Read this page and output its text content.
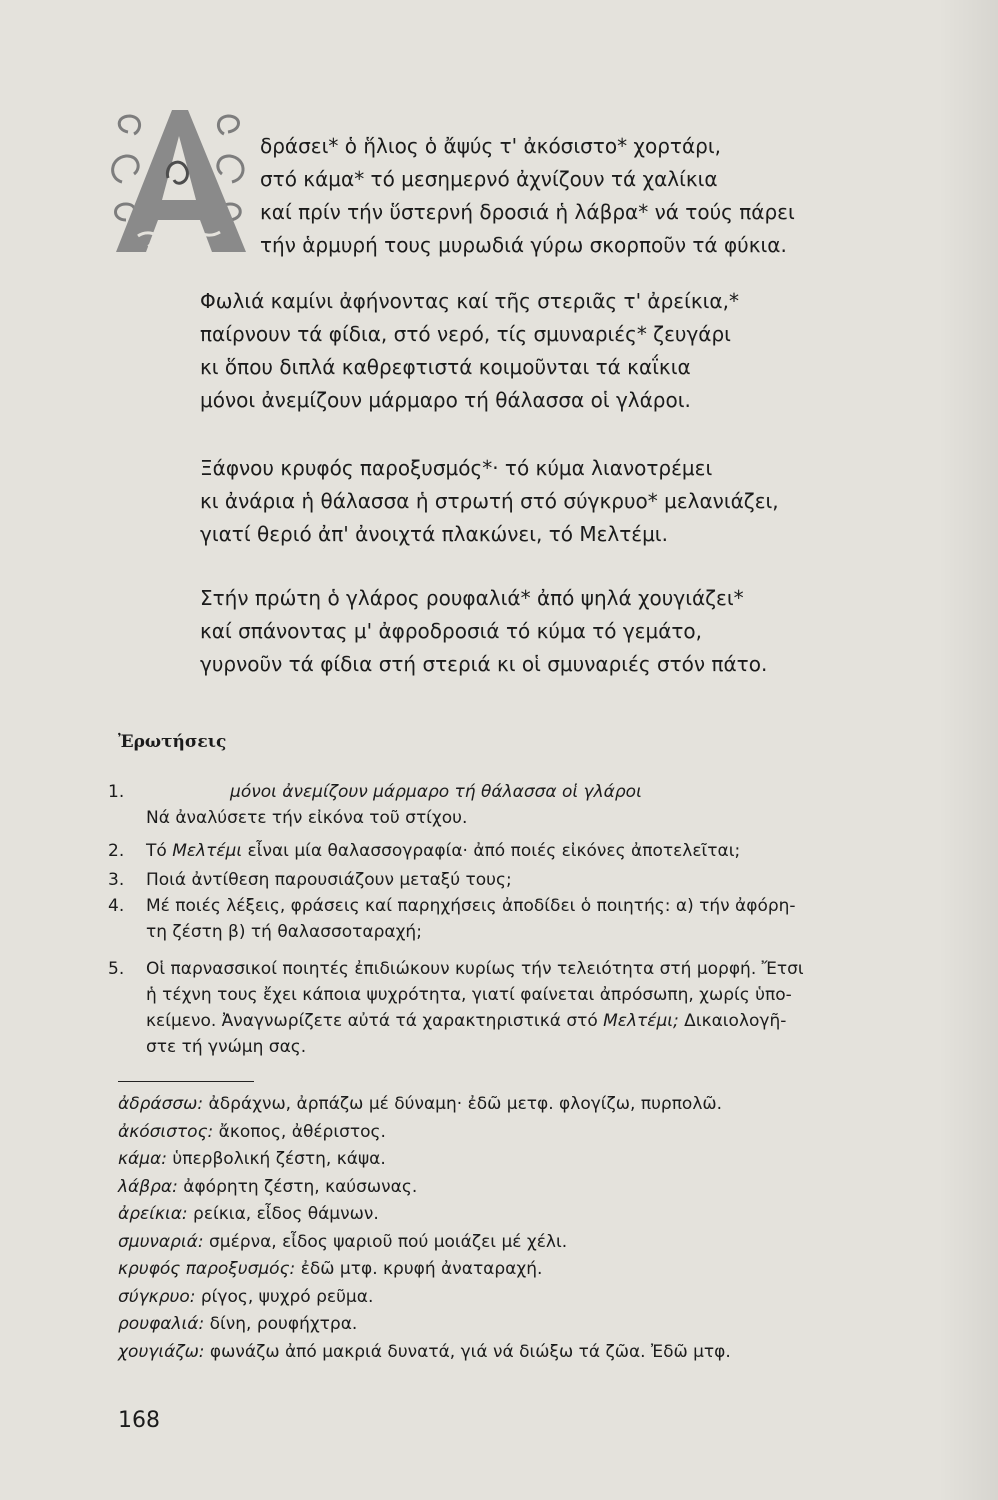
δράσει* ὁ ἥλιος ὁ ἄψύς τ' ἀκόσιστο* χορτάρι,
στό κάμα* τό μεσημερνό ἀχνίζουν τά χαλίκια
καί πρίν τήν ὕστερνή δροσιά ἡ λάβρα* νά τούς πάρει
τήν ἁρμυρή τους μυρωδιά γύρω σκορποῦν τά φύκια.
Φωλιά καμίνι ἀφήνοντας καί τῆς στεριᾶς τ' ἀρείκια,*
παίρνουν τά φίδια, στό νερό, τίς σμυναριές* ζευγάρι
κι ὅπου διπλά καθρεφτιστά κοιμοῦνται τά καΐκια
μόνοι ἀνεμίζουν μάρμαρο τή θάλασσα οἱ γλάροι.
Ξάφνου κρυφός παροξυσμός*· τό κύμα λιανοτρέμει
κι ἀνάρια ἡ θάλασσα ἡ στρωτή στό σύγκρυο* μελανιάζει,
γιατί θεριό ἀπ' ἀνοιχτά πλακώνει, τό Μελτέμι.
Στήν πρώτη ὁ γλάρος ρουφαλιά* ἀπό ψηλά χουγιάζει*
καί σπάνοντας μ' ἀφροδροσιά τό κύμα τό γεμάτο,
γυρνοῦν τά φίδια στή στεριά κι οἱ σμυναριές στόν πάτο.
Ἐρωτήσεις
1.	μόνοι ἀνεμίζουν μάρμαρο τή θάλασσα οἱ γλάροι
Νά ἀναλύσετε τήν εἰκόνα τοῦ στίχου.
2. Τό Μελτέμι εἶναι μία θαλασσογραφία· ἀπό ποιές εἰκόνες ἀποτελεῖται;
3. Ποιά ἀντίθεση παρουσιάζουν μεταξύ τους;
4. Μέ ποιές λέξεις, φράσεις καί παρηχήσεις ἀποδίδει ὁ ποιητής: α) τήν ἀφόρη-
τη ζέστη β) τή θαλασσοταραχή;
5. Οἱ παρνασσικοί ποιητές ἐπιδιώκουν κυρίως τήν τελειότητα στή μορφή. Ἔτσι
ἡ τέχνη τους ἔχει κάποια ψυχρότητα, γιατί φαίνεται ἀπρόσωπη, χωρίς ὑπο-
κείμενο. Ἀναγνωρίζετε αὐτά τά χαρακτηριστικά στό Μελτέμι; Δικαιολογῆ-
στε τή γνώμη σας.
ἀδράσσω: ἀδράχνω, ἀρπάζω μέ δύναμη· ἐδῶ μετφ. φλογίζω, πυρπολῶ.
ἀκόσιστος: ἄκοπος, ἀθέριστος.
κάμα: ὑπερβολική ζέστη, κάψα.
λάβρα: ἀφόρητη ζέστη, καύσωνας.
ἀρείκια: ρείκια, εἶδος θάμνων.
σμυναριά: σμέρνα, εἶδος ψαριοῦ πού μοιάζει μέ χέλι.
κρυφός παροξυσμός: ἐδῶ μτφ. κρυφή ἀναταραχή.
σύγκρυο: ρίγος, ψυχρό ρεῦμα.
ρουφαλιά: δίνη, ρουφήχτρα.
χουγιάζω: φωνάζω ἀπό μακριά δυνατά, γιά νά διώξω τά ζῶα. Ἐδῶ μτφ.
168
